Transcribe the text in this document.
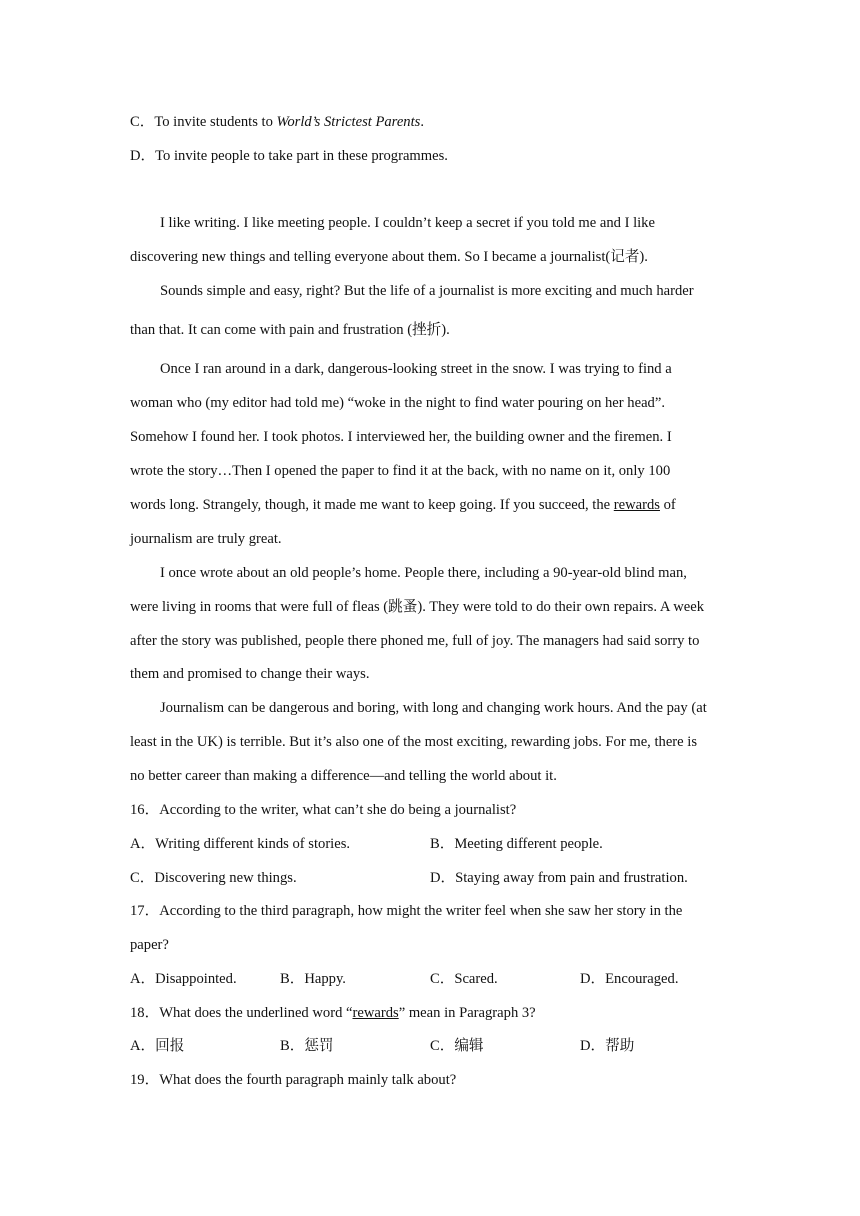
C．To invite students to World’s Strictest Parents.
D．To invite people to take part in these programmes.
I like writing. I like meeting people. I couldn’t keep a secret if you told me and I like
discovering new things and telling everyone about them. So I became a journalist(记者).
Sounds simple and easy, right? But the life of a journalist is more exciting and much harder
than that. It can come with pain and frustration (挫折).
Once I ran around in a dark, dangerous-looking street in the snow. I was trying to find a
woman who (my editor had told me) “woke in the night to find water pouring on her head”.
Somehow I found her. I took photos. I interviewed her, the building owner and the firemen. I
wrote the story…Then I opened the paper to find it at the back, with no name on it, only 100
words long. Strangely, though, it made me want to keep going. If you succeed, the rewards of
journalism are truly great.
I once wrote about an old people’s home. People there, including a 90-year-old blind man,
were living in rooms that were full of fleas (跳蚤). They were told to do their own repairs. A week
after the story was published, people there phoned me, full of joy. The managers had said sorry to
them and promised to change their ways.
Journalism can be dangerous and boring, with long and changing work hours. And the pay (at
least in the UK) is terrible. But it’s also one of the most exciting, rewarding jobs. For me, there is
no better career than making a difference—and telling the world about it.
16．According to the writer, what can’t she do being a journalist?
A．Writing different kinds of stories.	B．Meeting different people.
C．Discovering new things.	D．Staying away from pain and frustration.
17．According to the third paragraph, how might the writer feel when she saw her story in the
paper?
A．Disappointed.	B．Happy.	C．Scared.	D．Encouraged.
18．What does the underlined word “rewards” mean in Paragraph 3?
A．回报	B．惩罚	C．编辑	D．帮助
19．What does the fourth paragraph mainly talk about?
